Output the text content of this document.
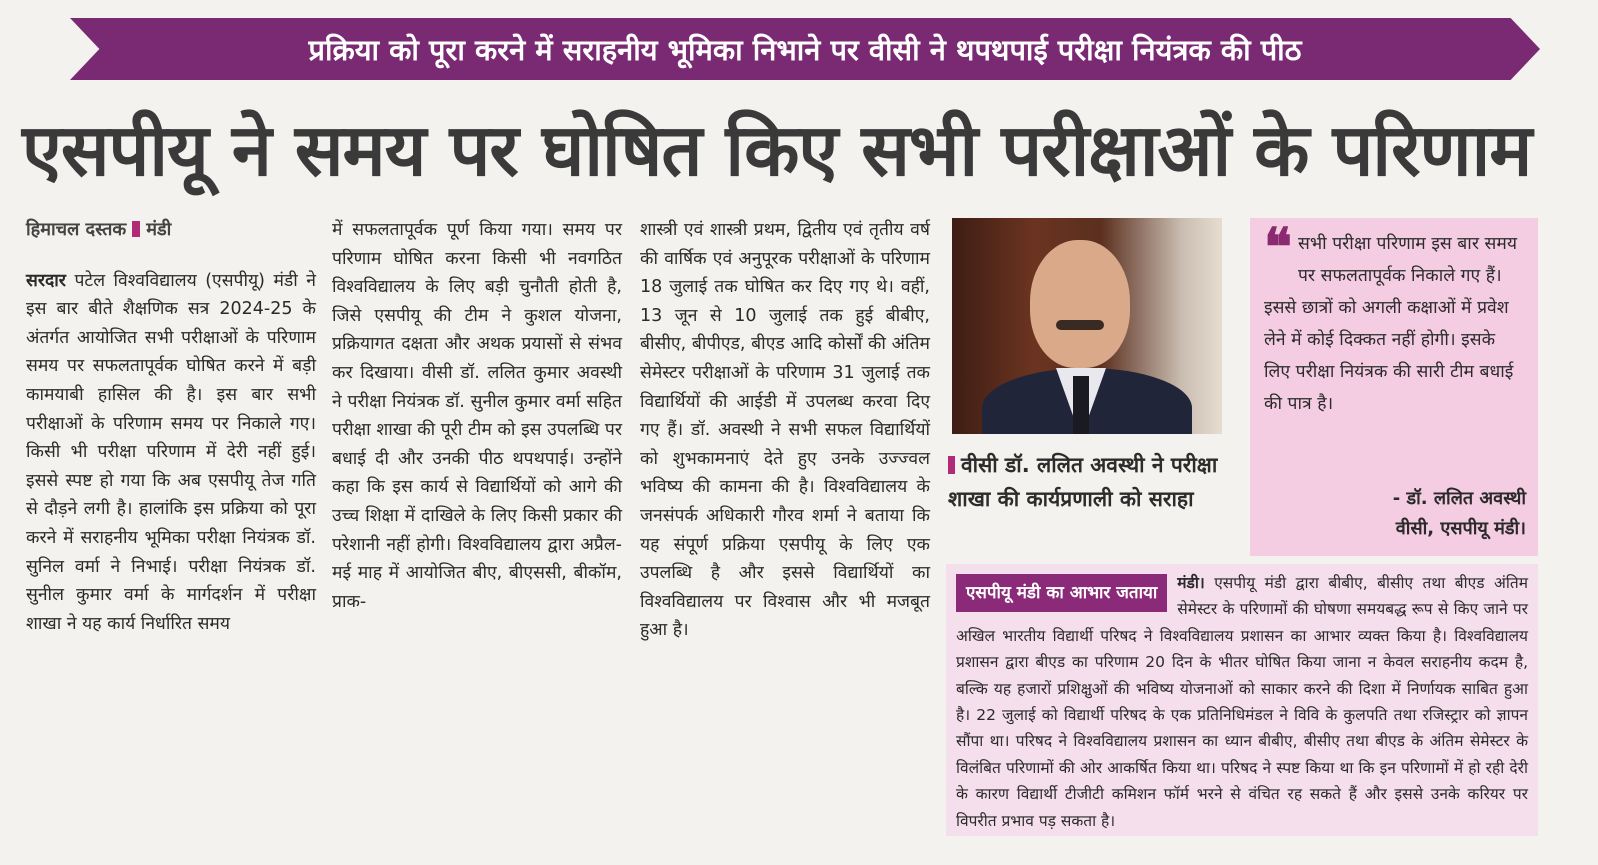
प्रक्रिया को पूरा करने में सराहनीय भूमिका निभाने पर वीसी ने थपथपाई परीक्षा नियंत्रक की पीठ
एसपीयू ने समय पर घोषित किए सभी परीक्षाओं के परिणाम
हिमाचल दस्तक मंडी

सरदार पटेल विश्वविद्यालय (एसपीयू) मंडी ने इस बार बीते शैक्षणिक सत्र 2024-25 के अंतर्गत आयोजित सभी परीक्षाओं के परिणाम समय पर सफलतापूर्वक घोषित करने में बड़ी कामयाबी हासिल की है। इस बार सभी परीक्षाओं के परिणाम समय पर निकाले गए। किसी भी परीक्षा परिणाम में देरी नहीं हुई। इससे स्पष्ट हो गया कि अब एसपीयू तेज गति से दौड़ने लगी है। हालांकि इस प्रक्रिया को पूरा करने में सराहनीय भूमिका परीक्षा नियंत्रक डॉ. सुनिल वर्मा ने निभाई। परीक्षा नियंत्रक डॉ. सुनील कुमार वर्मा के मार्गदर्शन में परीक्षा शाखा ने यह कार्य निर्धारित समय

में सफलतापूर्वक पूर्ण किया गया। समय पर परिणाम घोषित करना किसी भी नवगठित विश्वविद्यालय के लिए बड़ी चुनौती होती है, जिसे एसपीयू की टीम ने कुशल योजना, प्रक्रियागत दक्षता और अथक प्रयासों से संभव कर दिखाया। वीसी डॉ. ललित कुमार अवस्थी ने परीक्षा नियंत्रक डॉ. सुनील कुमार वर्मा सहित परीक्षा शाखा की पूरी टीम को इस उपलब्धि पर बधाई दी और उनकी पीठ थपथपाई। उन्होंने कहा कि इस कार्य से विद्यार्थियों को आगे की उच्च शिक्षा में दाखिले के लिए किसी प्रकार की परेशानी नहीं होगी। विश्वविद्यालय द्वारा अप्रैल-मई माह में आयोजित बीए, बीएससी, बीकॉम, प्राक-

शास्त्री एवं शास्त्री प्रथम, द्वितीय एवं तृतीय वर्ष की वार्षिक एवं अनुपूरक परीक्षाओं के परिणाम 18 जुलाई तक घोषित कर दिए गए थे। वहीं, 13 जून से 10 जुलाई तक हुई बीबीए, बीसीए, बीपीएड, बीएड आदि कोर्सों की अंतिम सेमेस्टर परीक्षाओं के परिणाम 31 जुलाई तक विद्यार्थियों की आईडी में उपलब्ध करवा दिए गए हैं। डॉ. अवस्थी ने सभी सफल विद्यार्थियों को शुभकामनाएं देते हुए उनके उज्ज्वल भविष्य की कामना की है। विश्वविद्यालय के जनसंपर्क अधिकारी गौरव शर्मा ने बताया कि यह संपूर्ण प्रक्रिया एसपीयू के लिए एक उपलब्धि है और इससे विद्यार्थियों का विश्वविद्यालय पर विश्वास और भी मजबूत हुआ है।

वीसी डॉ. ललित अवस्थी ने परीक्षा शाखा की कार्यप्रणाली को सराहा
❝ सभी परीक्षा परिणाम इस बार समय पर सफलतापूर्वक निकाले गए हैं। इससे छात्रों को अगली कक्षाओं में प्रवेश लेने में कोई दिक्कत नहीं होगी। इसके लिए परीक्षा नियंत्रक की सारी टीम बधाई की पात्र है।
- डॉ. ललित अवस्थी
वीसी, एसपीयू मंडी।
एसपीयू मंडी का आभार जताया	मंडी। एसपीयू मंडी द्वारा बीबीए, बीसीए तथा बीएड अंतिम सेमेस्टर के परिणामों की घोषणा समयबद्ध रूप से किए जाने पर अखिल भारतीय विद्यार्थी परिषद ने विश्वविद्यालय प्रशासन का आभार व्यक्त किया है। विश्वविद्यालय प्रशासन द्वारा बीएड का परिणाम 20 दिन के भीतर घोषित किया जाना न केवल सराहनीय कदम है, बल्कि यह हजारों प्रशिक्षुओं की भविष्य योजनाओं को साकार करने की दिशा में निर्णायक साबित हुआ है। 22 जुलाई को विद्यार्थी परिषद के एक प्रतिनिधिमंडल ने विवि के कुलपति तथा रजिस्ट्रार को ज्ञापन सौंपा था। परिषद ने विश्वविद्यालय प्रशासन का ध्यान बीबीए, बीसीए तथा बीएड के अंतिम सेमेस्टर के विलंबित परिणामों की ओर आकर्षित किया था। परिषद ने स्पष्ट किया था कि इन परिणामों में हो रही देरी के कारण विद्यार्थी टीजीटी कमिशन फॉर्म भरने से वंचित रह सकते हैं और इससे उनके करियर पर विपरीत प्रभाव पड़ सकता है।
